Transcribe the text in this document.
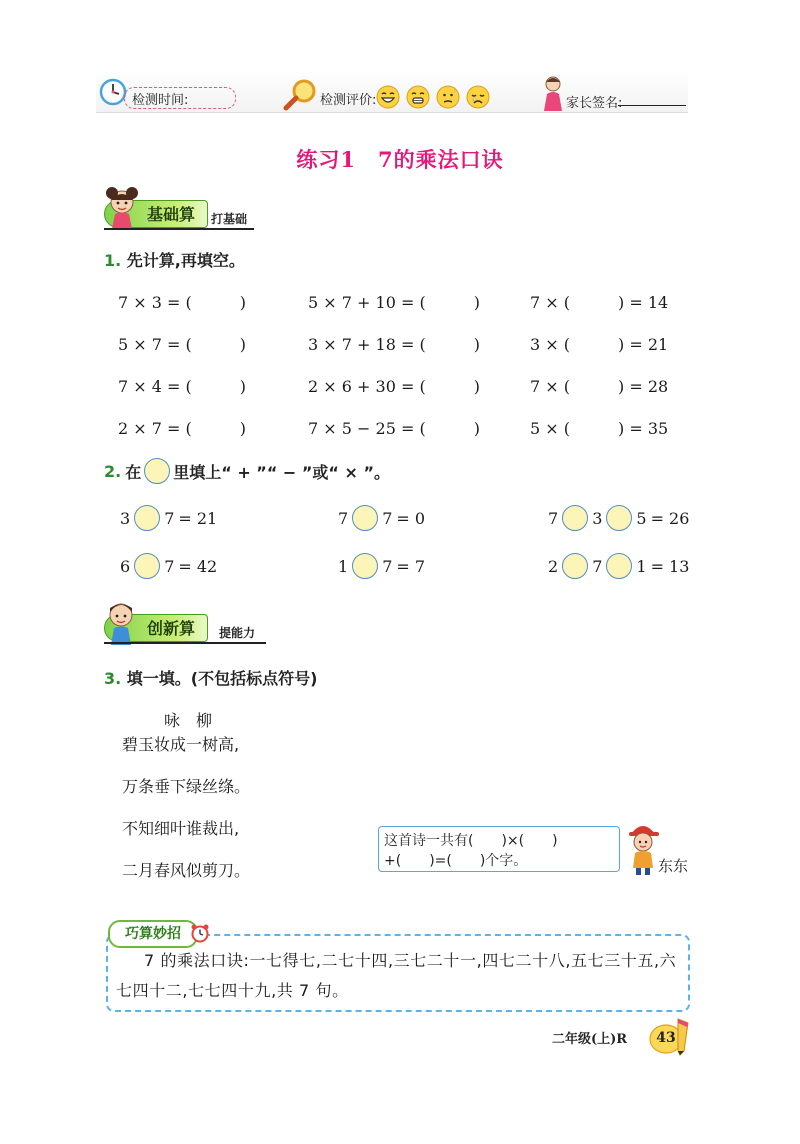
检测时间:	检测评价:	家长签名:
练习1　7的乘法口诀
基础算	打基础
1. 先计算,再填空。
7 × 3 = (　　　)	5 × 7 + 10 = (　　　)	7 × (　　　) = 14
5 × 7 = (　　　)	3 × 7 + 18 = (　　　)	3 × (　　　) = 21
7 × 4 = (　　　)	2 × 6 + 30 = (　　　)	7 × (　　　) = 28
2 × 7 = (　　　)	7 × 5 − 25 = (　　　)	5 × (　　　) = 35
2. 在 里填上“ + ”“ − ”或“ × ”。
3 7 = 21	7 7 = 0	7 3 5 = 26
6 7 = 42	1 7 = 7	2 7 1 = 13
创新算	提能力
3. 填一填。(不包括标点符号)
咏　柳
碧玉妆成一树高,
万条垂下绿丝绦。
不知细叶谁裁出,
二月春风似剪刀。
这首诗一共有(　　)×(　　)
+(　　)=(　　)个字。	东东
巧算妙招
7 的乘法口诀:一七得七,二七十四,三七二十一,四七二十八,五七三十五,六七四十二,七七四十九,共 7 句。
二年级(上)R	43
